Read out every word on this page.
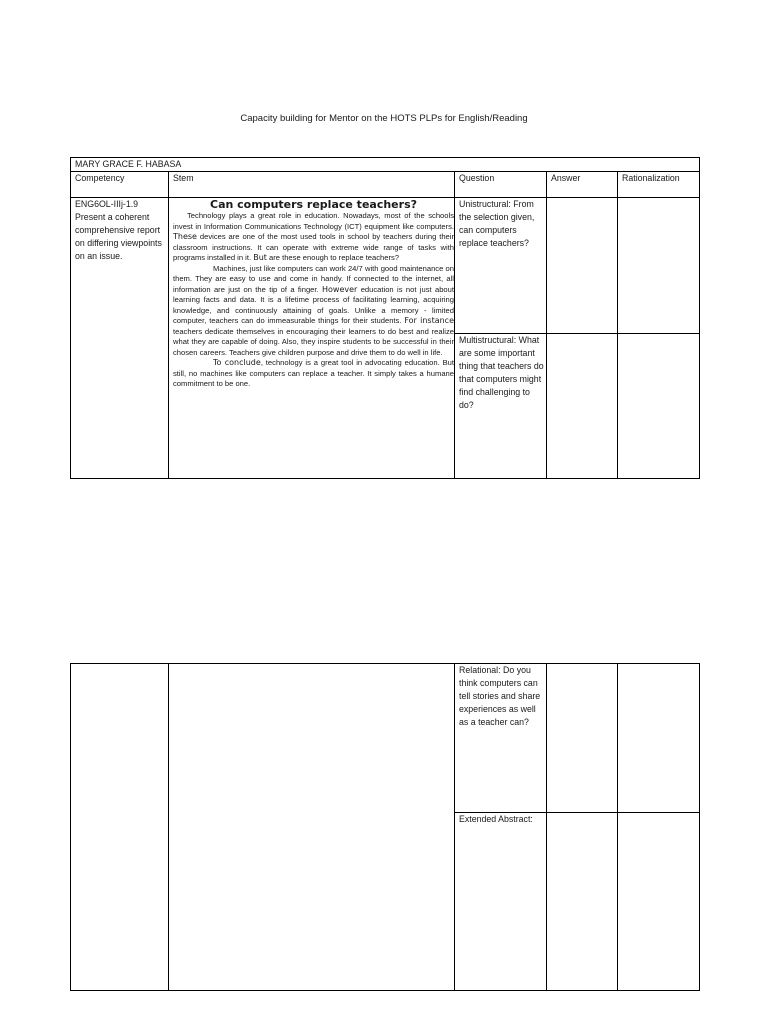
Capacity building for Mentor on the HOTS PLPs for English/Reading
MARY GRACE F. HABASA				
Competency	Stem	Question	Answer	Rationalization
ENG6OL-IIIj-1.9 Present a coherent comprehensive report on differing viewpoints on an issue.	Can computers replace teachers?

Technology plays a great role in education. Nowadays, most of the schools invest in Information Communications Technology (ICT) equipment like computers. These devices are one of the most used tools in school by teachers during their classroom instructions. It can operate with extreme wide range of tasks with programs installed in it. But are these enough to replace teachers?

Machines, just like computers can work 24/7 with good maintenance on them. They are easy to use and come in handy. If connected to the internet, all information are just on the tip of a finger. However education is not just about learning facts and data. It is a lifetime process of facilitating learning, acquiring knowledge, and continuously attaining of goals. Unlike a memory - limited computer, teachers can do immeasurable things for their students. For instance teachers dedicate themselves in encouraging their learners to do best and realize what they are capable of doing. Also, they inspire students to be successful in their chosen careers. Teachers give children purpose and drive them to do well in life.

To conclude, technology is a great tool in advocating education. But still, no machines like computers can replace a teacher. It simply takes a humane commitment to be one.	Unistructural: From the selection given, can computers replace teachers?		
		Multistructural: What are some important thing that teachers do that computers might find challenging to do?		
		Relational: Do you think computers can tell stories and share experiences as well as a teacher can?		
		Extended Abstract:		
